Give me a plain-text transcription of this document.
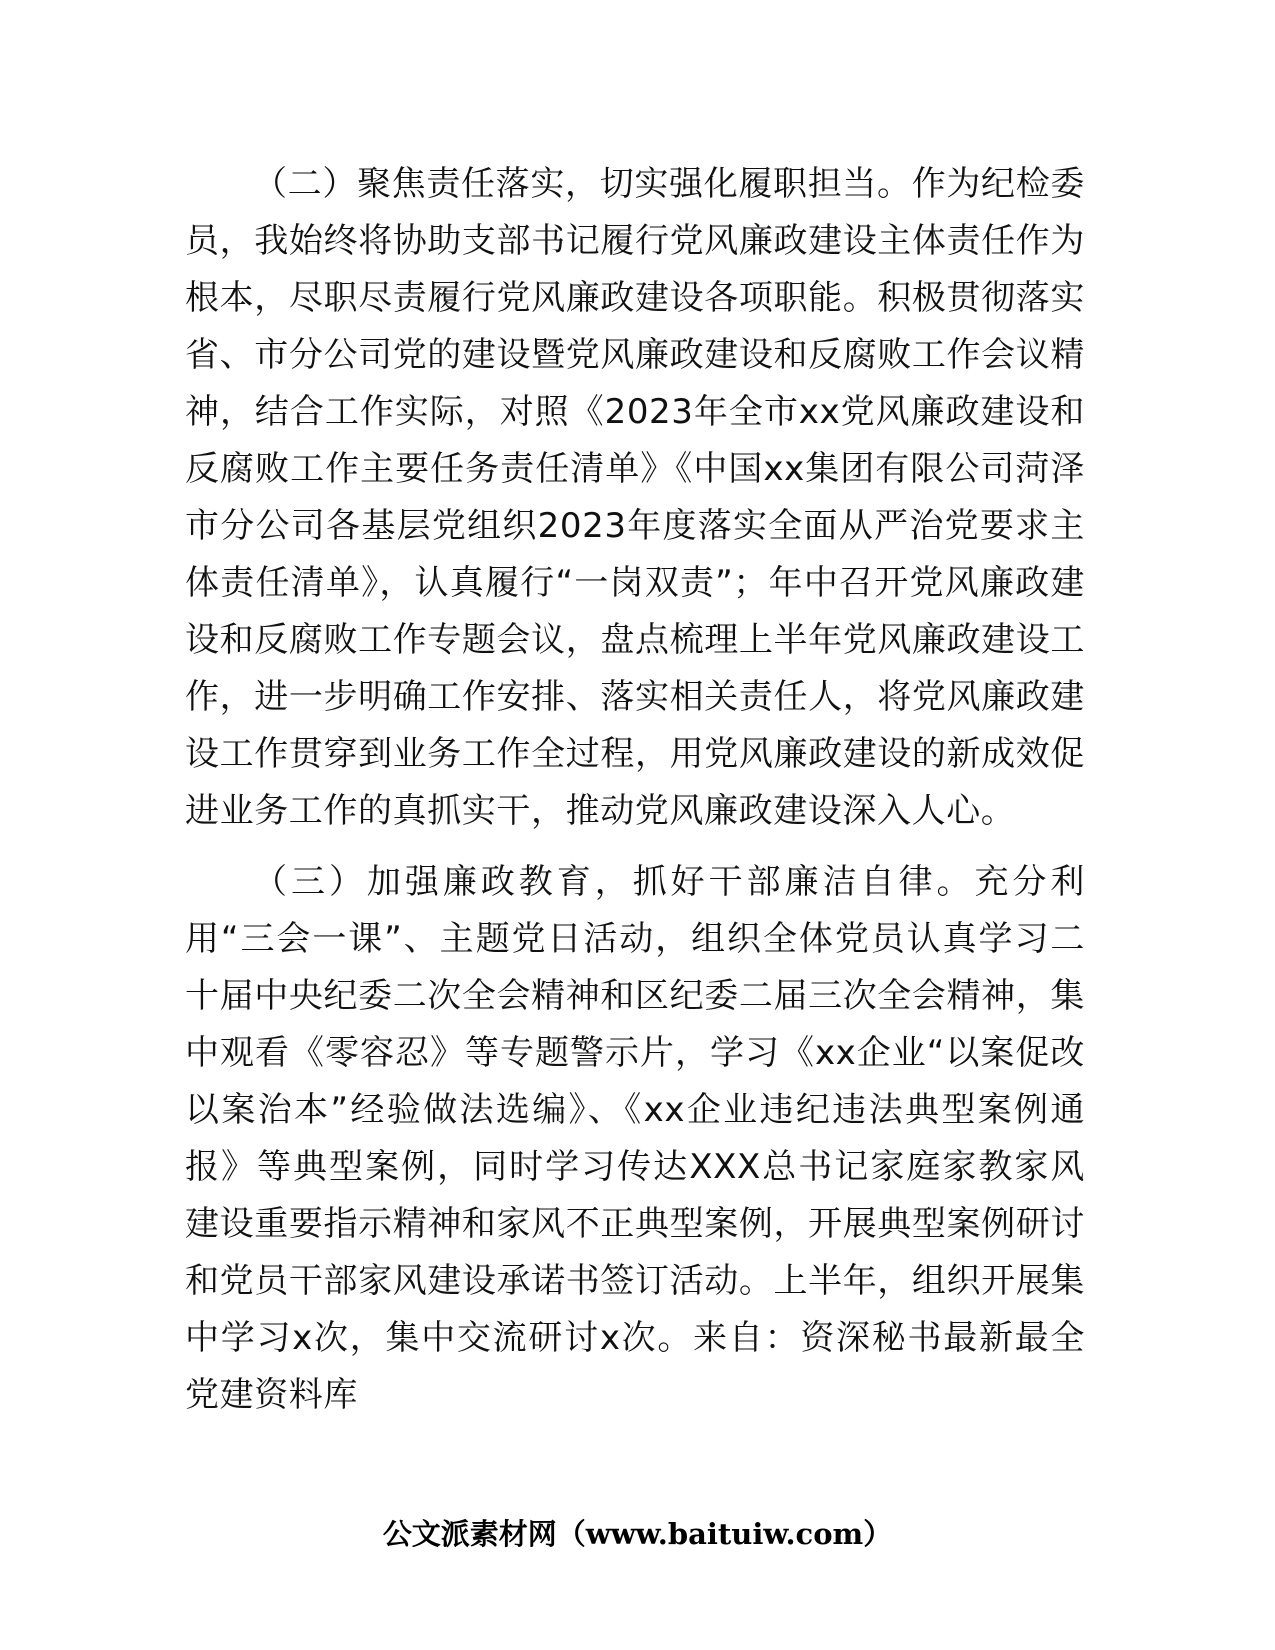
（二）聚焦责任落实，切实强化履职担当。作为纪检委员，我始终将协助支部书记履行党风廉政建设主体责任作为根本，尽职尽责履行党风廉政建设各项职能。积极贯彻落实省、市分公司党的建设暨党风廉政建设和反腐败工作会议精神，结合工作实际，对照《2023年全市xx党风廉政建设和反腐败工作主要任务责任清单》《中国xx集团有限公司菏泽市分公司各基层党组织2023年度落实全面从严治党要求主体责任清单》，认真履行“一岗双责”；年中召开党风廉政建设和反腐败工作专题会议，盘点梳理上半年党风廉政建设工作，进一步明确工作安排、落实相关责任人，将党风廉政建设工作贯穿到业务工作全过程，用党风廉政建设的新成效促进业务工作的真抓实干，推动党风廉政建设深入人心。

（三）加强廉政教育，抓好干部廉洁自律。充分利用“三会一课”、主题党日活动，组织全体党员认真学习二十届中央纪委二次全会精神和区纪委二届三次全会精神，集中观看《零容忍》等专题警示片，学习《xx企业“以案促改以案治本”经验做法选编》、《xx企业违纪违法典型案例通报》等典型案例，同时学习传达XXX总书记家庭家教家风建设重要指示精神和家风不正典型案例，开展典型案例研讨和党员干部家风建设承诺书签订活动。上半年，组织开展集中学习x次，集中交流研讨x次。来自：资深秘书最新最全党建资料库

公文派素材网（www.baituiw.com）
